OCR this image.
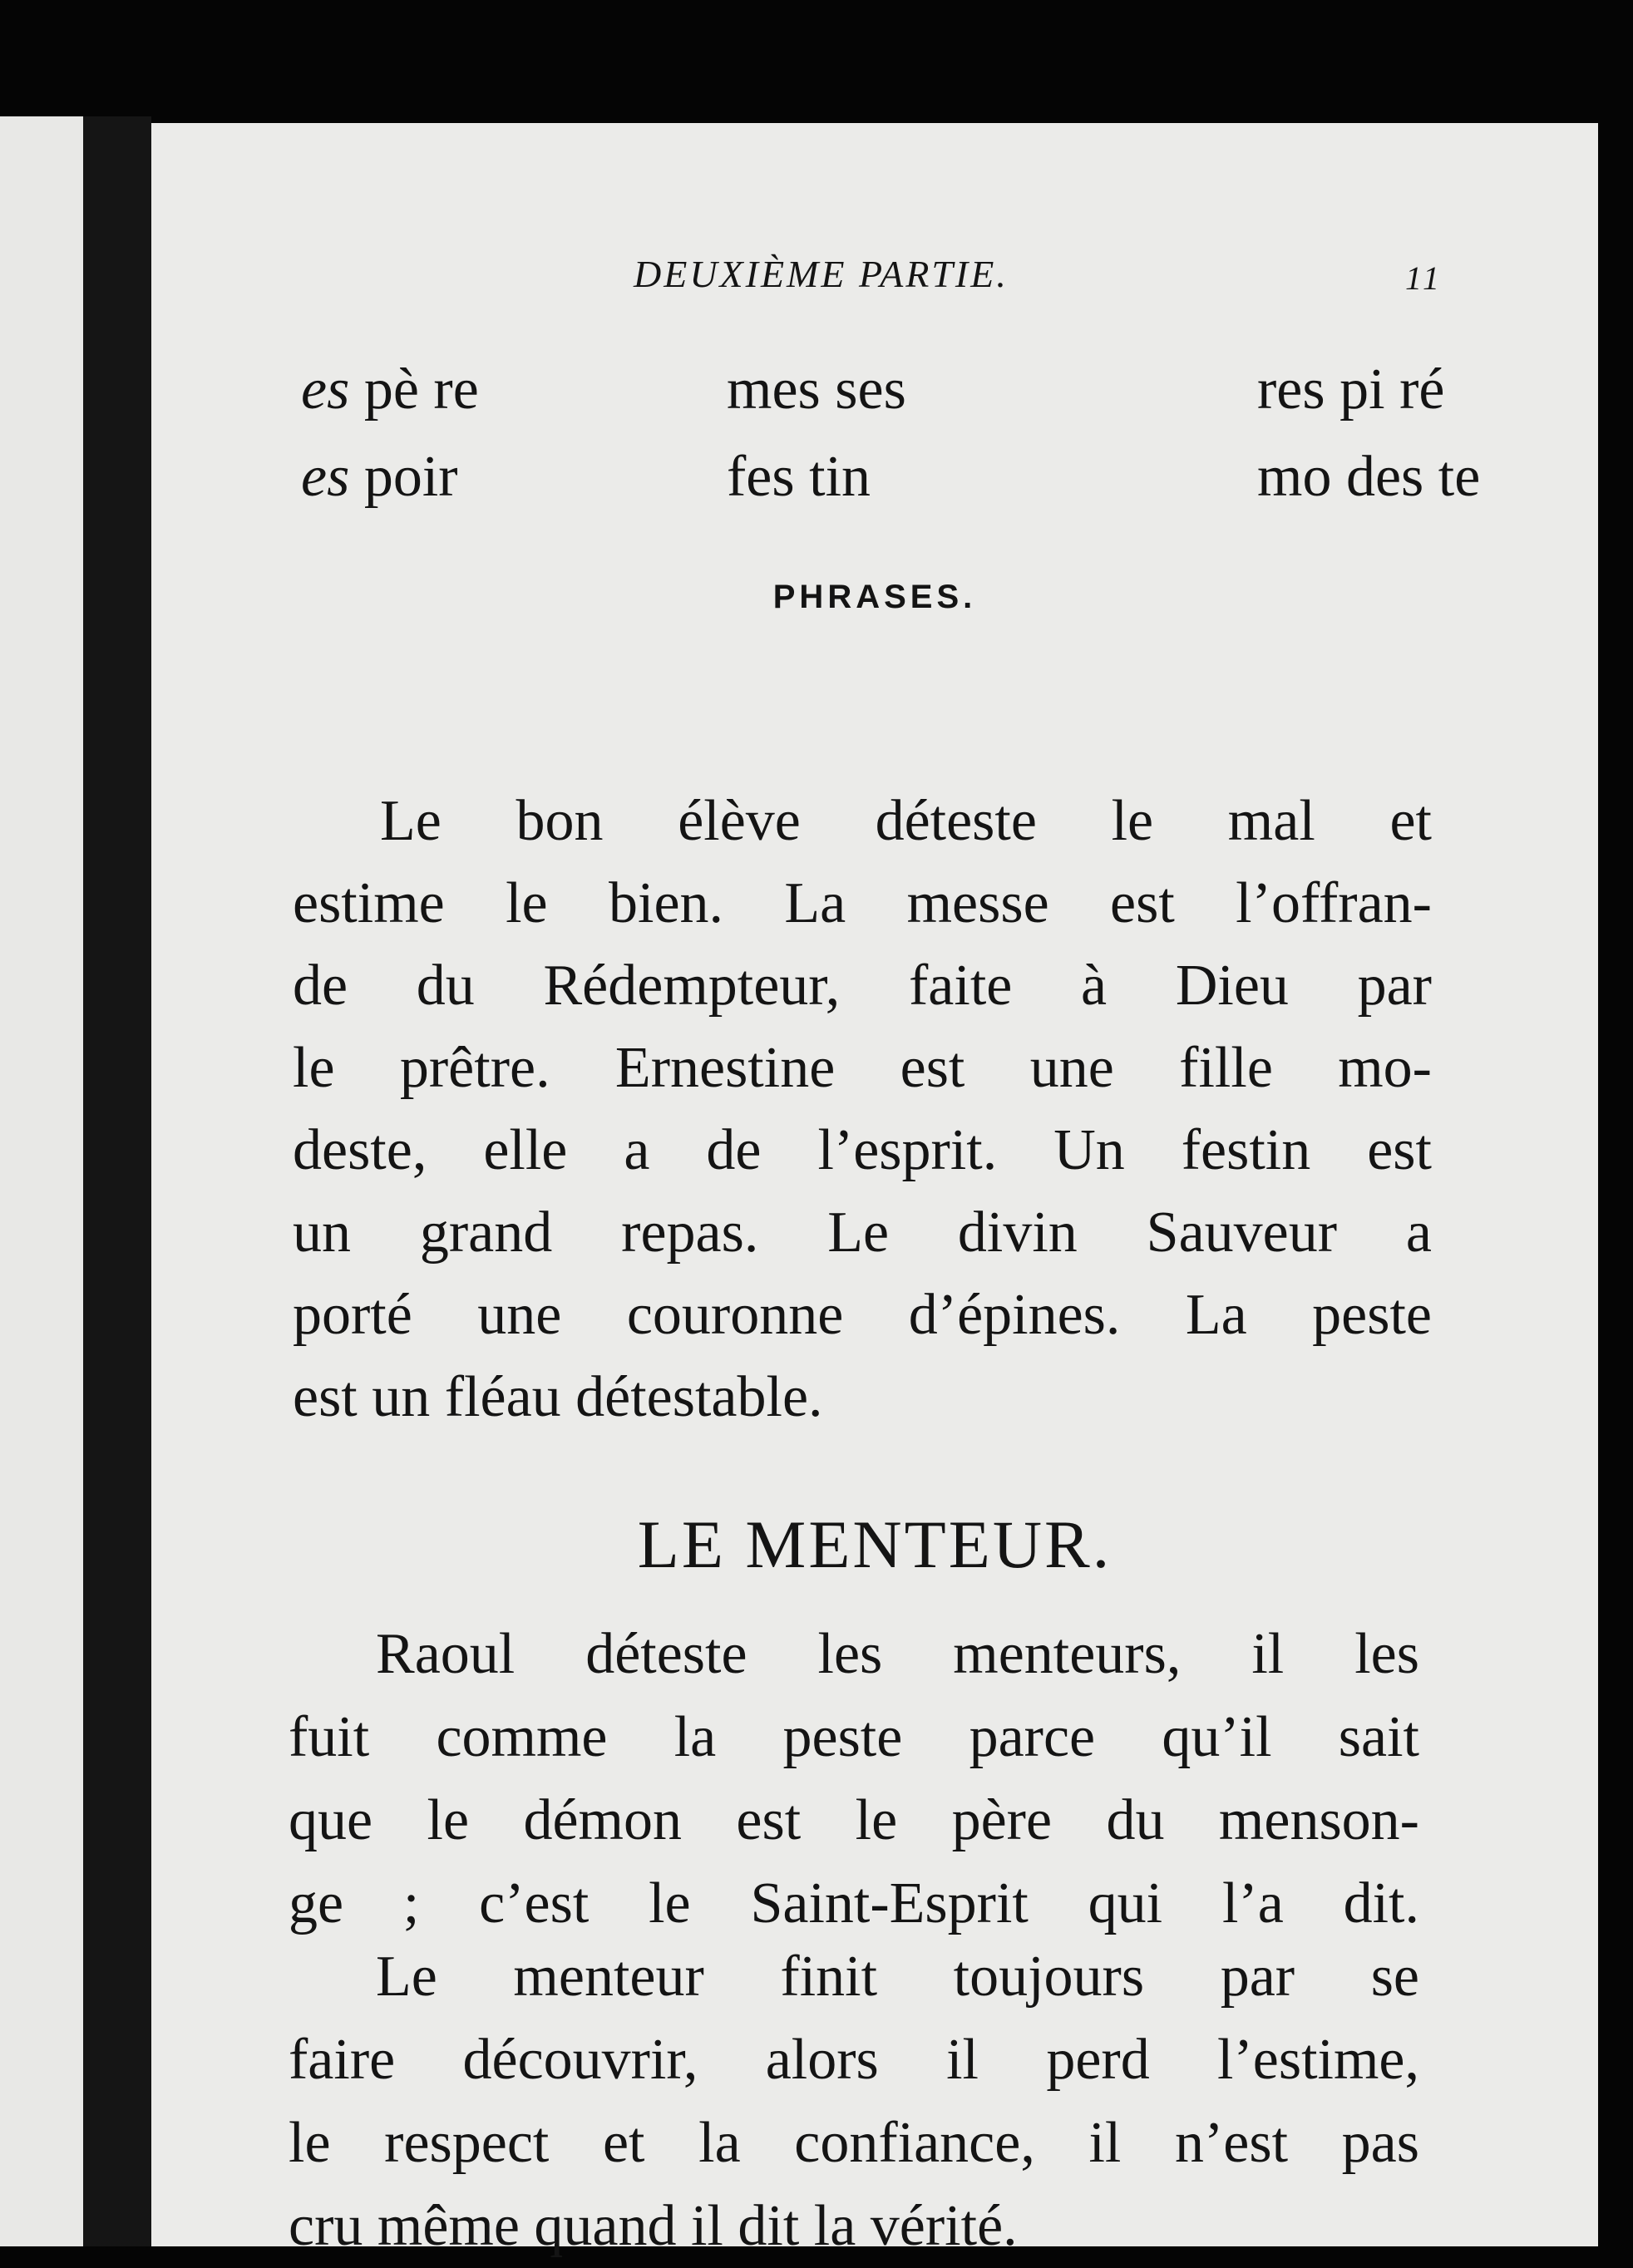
DEUXIÈME PARTIE.	11
es pè re	mes ses	res pi ré
es poir	fes tin	mo des te
PHRASES.
Le bon élève déteste le mal et
estime le bien. La messe est l’offran-
de du Rédempteur, faite à Dieu par
le prêtre. Ernestine est une fille mo-
deste, elle a de l’esprit. Un festin est
un grand repas. Le divin Sauveur a
porté une couronne d’épines. La peste
est un fléau détestable.
LE MENTEUR.
Raoul déteste les menteurs, il les
fuit comme la peste parce qu’il sait
que le démon est le père du menson-
ge ; c’est le Saint-Esprit qui l’a dit.
Le menteur finit toujours par se
faire découvrir, alors il perd l’estime,
le respect et la confiance, il n’est pas
cru même quand il dit la vérité.
